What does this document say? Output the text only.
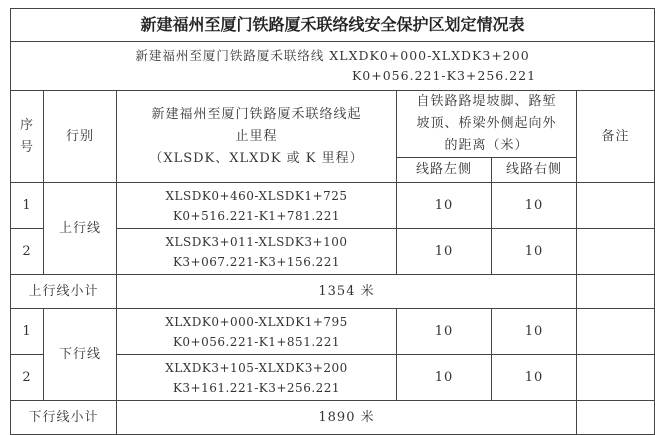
新建福州至厦门铁路厦禾联络线安全保护区划定情况表					

新建福州至厦门铁路厦禾联络线 XLXDK0+000-XLXDK3+200
K0+056.221-K3+256.221					

序
号	行别	新建福州至厦门铁路厦禾联络线起
止里程
（XLSDK、XLXDK 或 K 里程）	自铁路路堤坡脚、路堑
坡顶、桥梁外侧起向外
的距离（米）		备注
			线路左侧	线路右侧	
1	上行线	XLSDK0+460-XLSDK1+725
K0+516.221-K1+781.221	10	10	
2		XLSDK3+011-XLSDK3+100
K3+067.221-K3+156.221	10	10	
上行线小计		1354 米			
1	下行线	XLXDK0+000-XLXDK1+795
K0+056.221-K1+851.221	10	10	
2		XLXDK3+105-XLXDK3+200
K3+161.221-K3+256.221	10	10	
下行线小计		1890 米			
